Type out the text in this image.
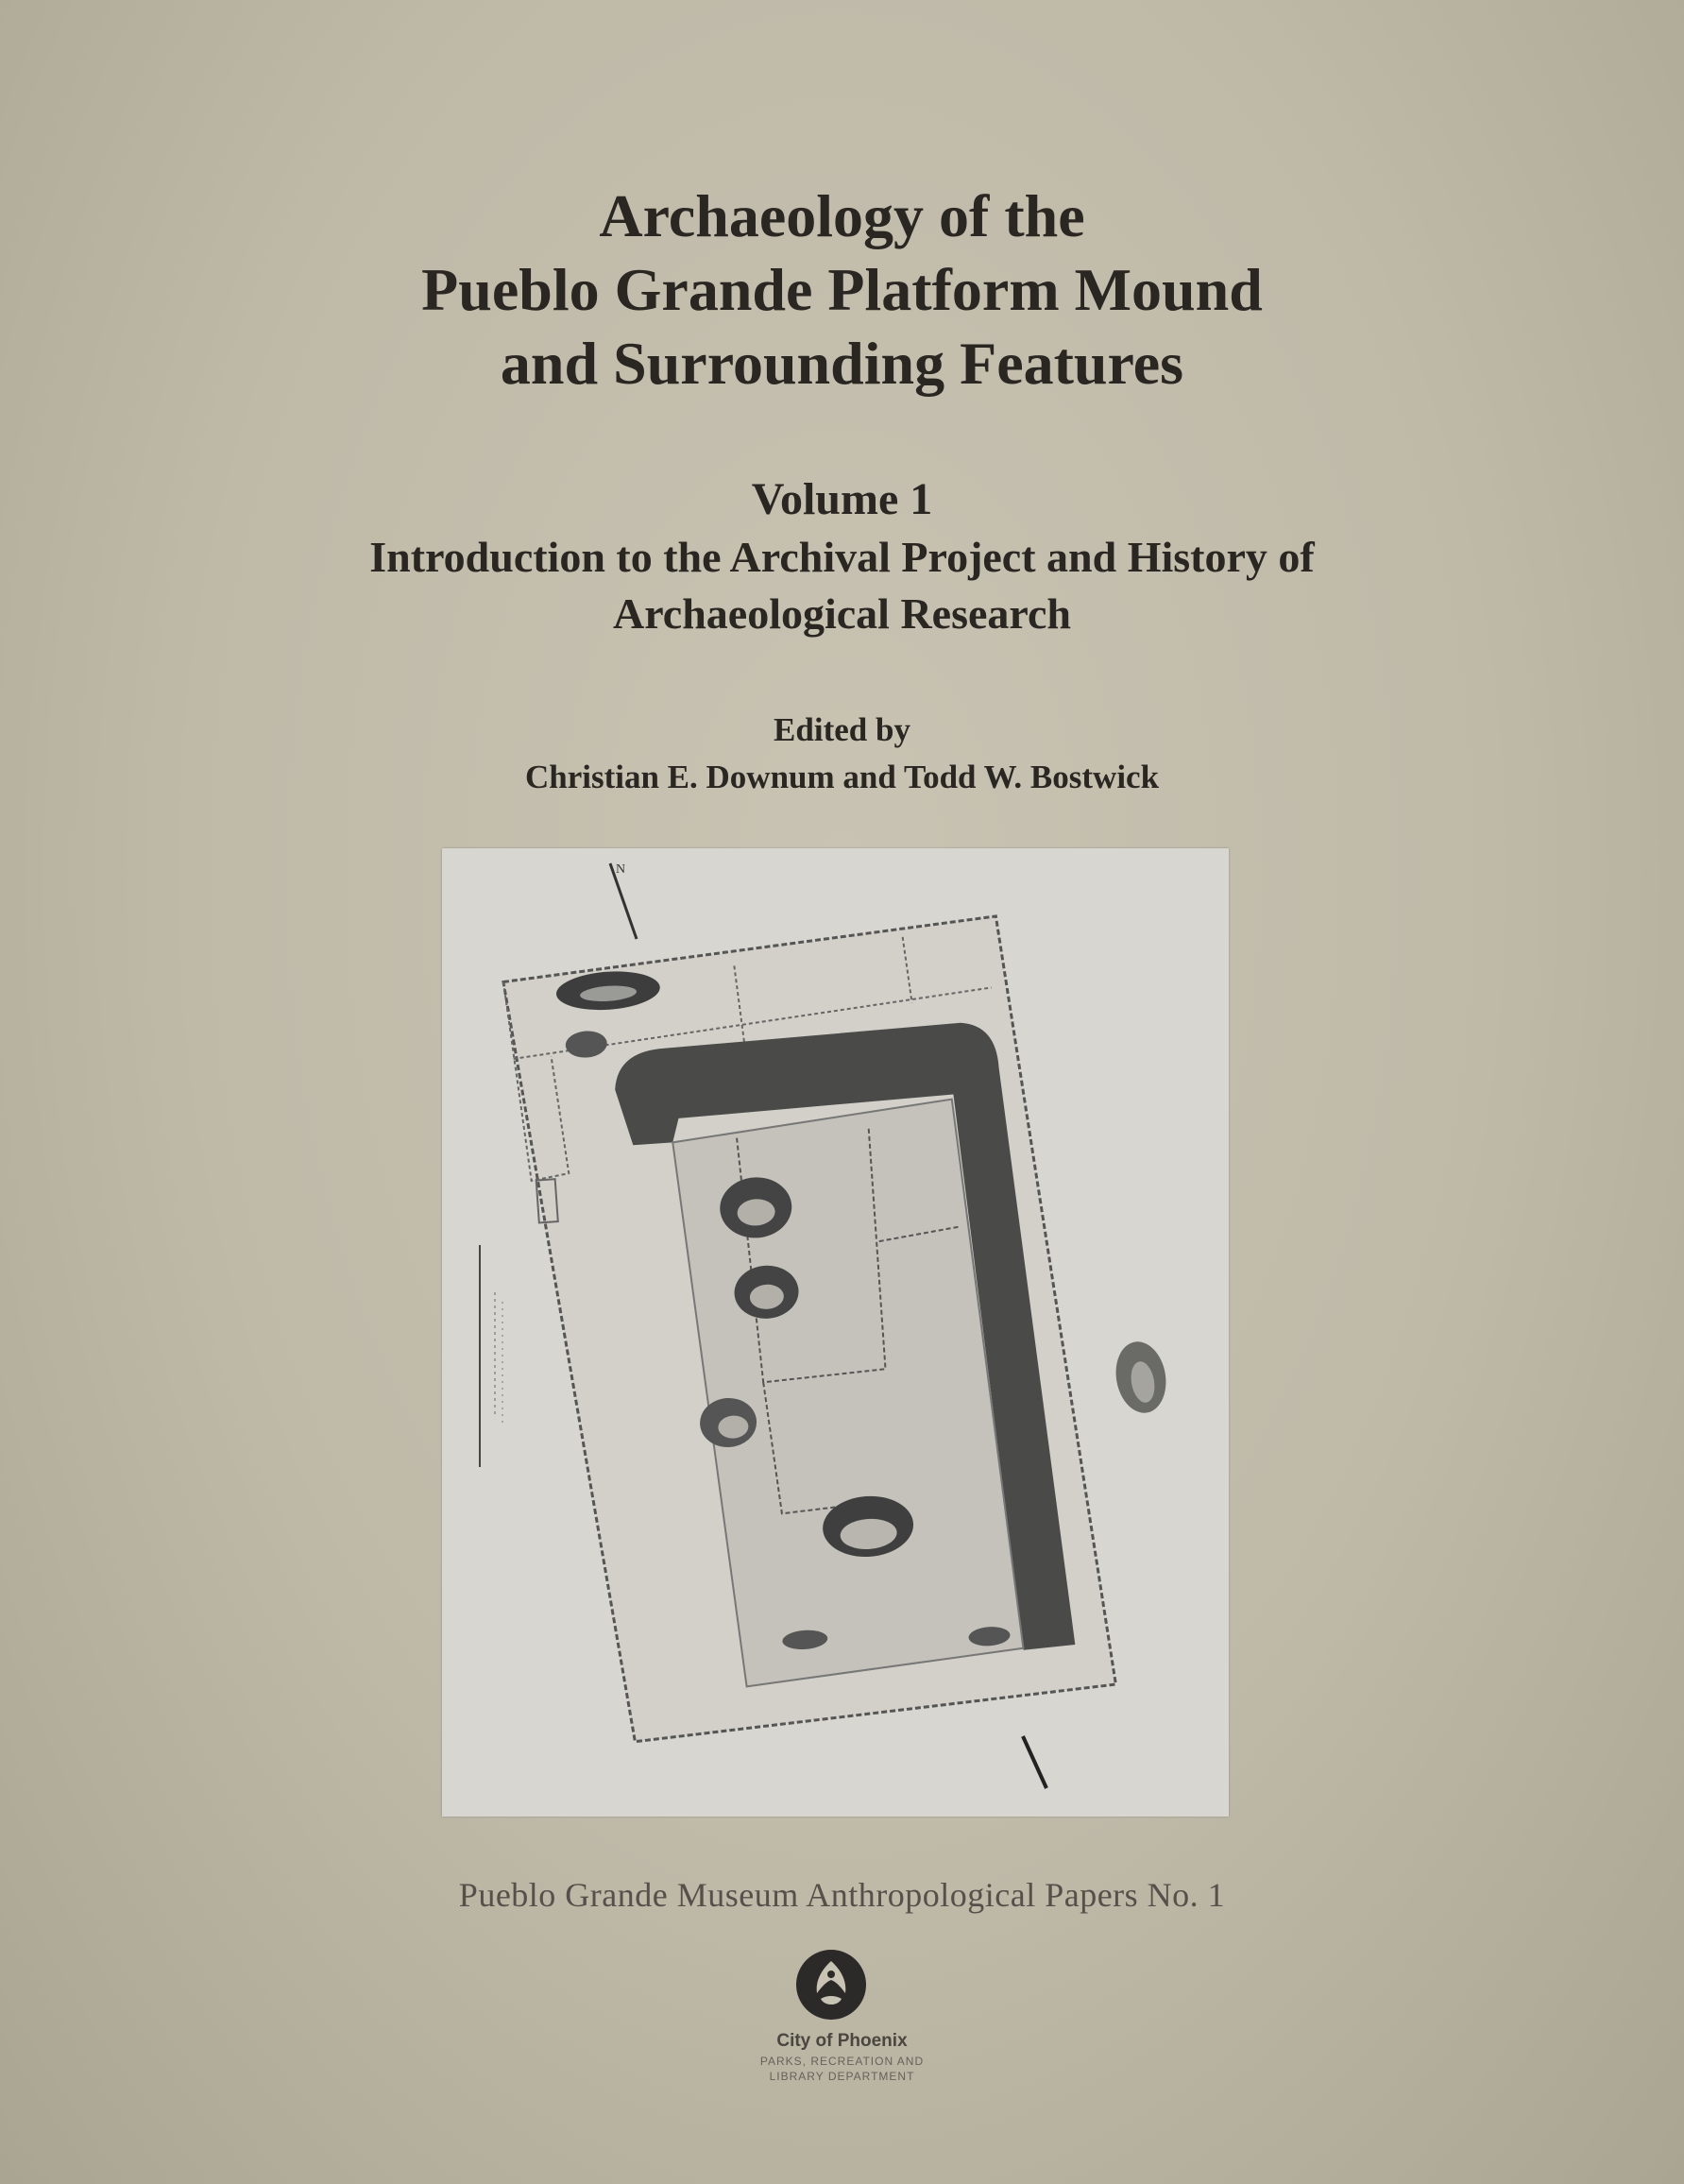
Archaeology of the
Pueblo Grande Platform Mound
and Surrounding Features
Volume 1
Introduction to the Archival Project and History of
Archaeological Research
Edited by
Christian E. Downum and Todd W. Bostwick
N
Pueblo Grande Museum Anthropological Papers No. 1
City of Phoenix
PARKS, RECREATION AND
LIBRARY DEPARTMENT
